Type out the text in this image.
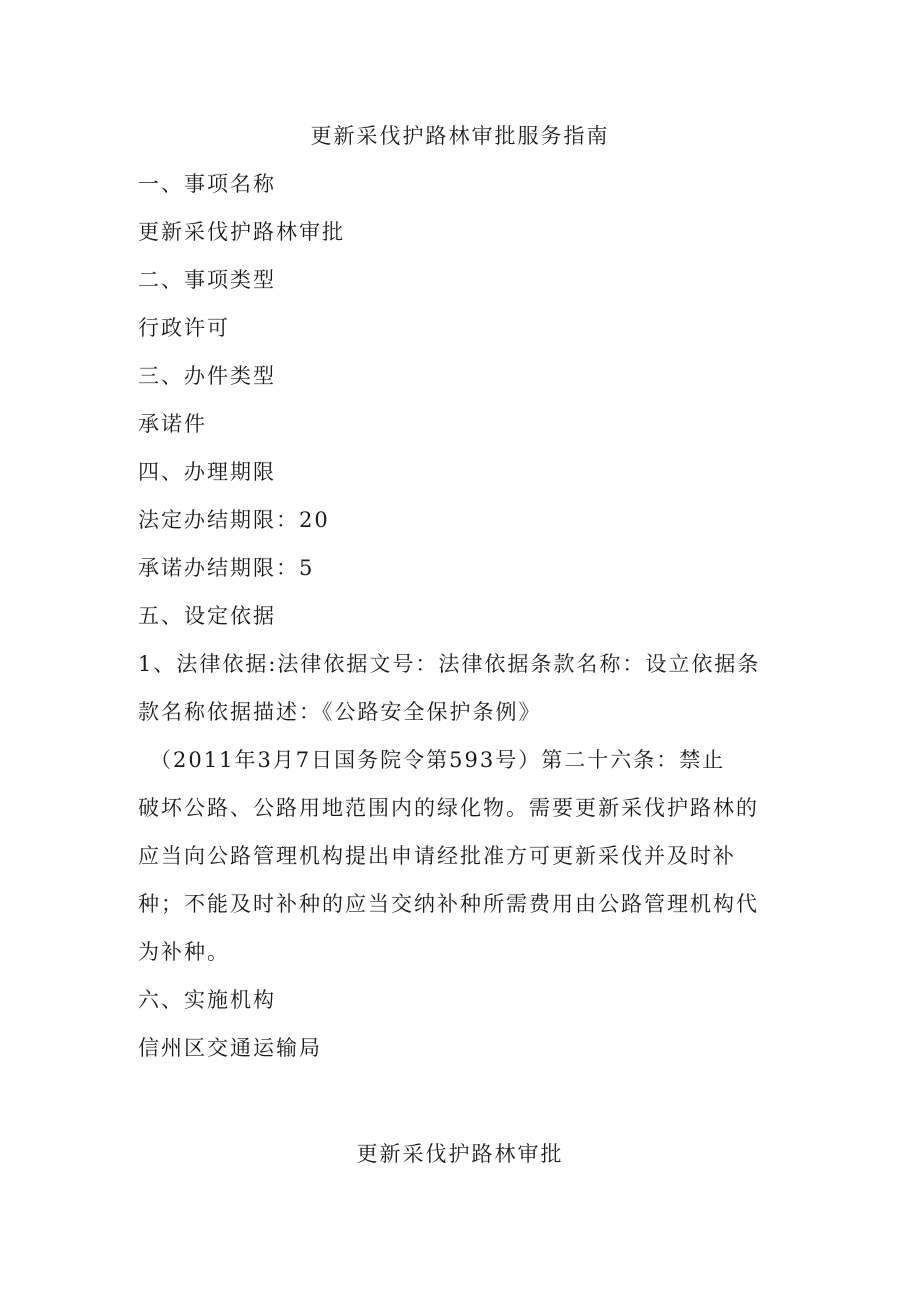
更新采伐护路林审批服务指南
一、事项名称
更新采伐护路林审批
二、事项类型
行政许可
三、办件类型
承诺件
四、办理期限
法定办结期限：20
承诺办结期限：5
五、设定依据
1、法律依据:法律依据文号：法律依据条款名称：设立依据条
款名称依据描述：《公路安全保护条例》
（2011年3月7日国务院令第593号）第二十六条：禁止
破坏公路、公路用地范围内的绿化物。需要更新采伐护路林的
应当向公路管理机构提出申请经批准方可更新采伐并及时补
种；不能及时补种的应当交纳补种所需费用由公路管理机构代
为补种。
六、实施机构
信州区交通运输局
更新采伐护路林审批
